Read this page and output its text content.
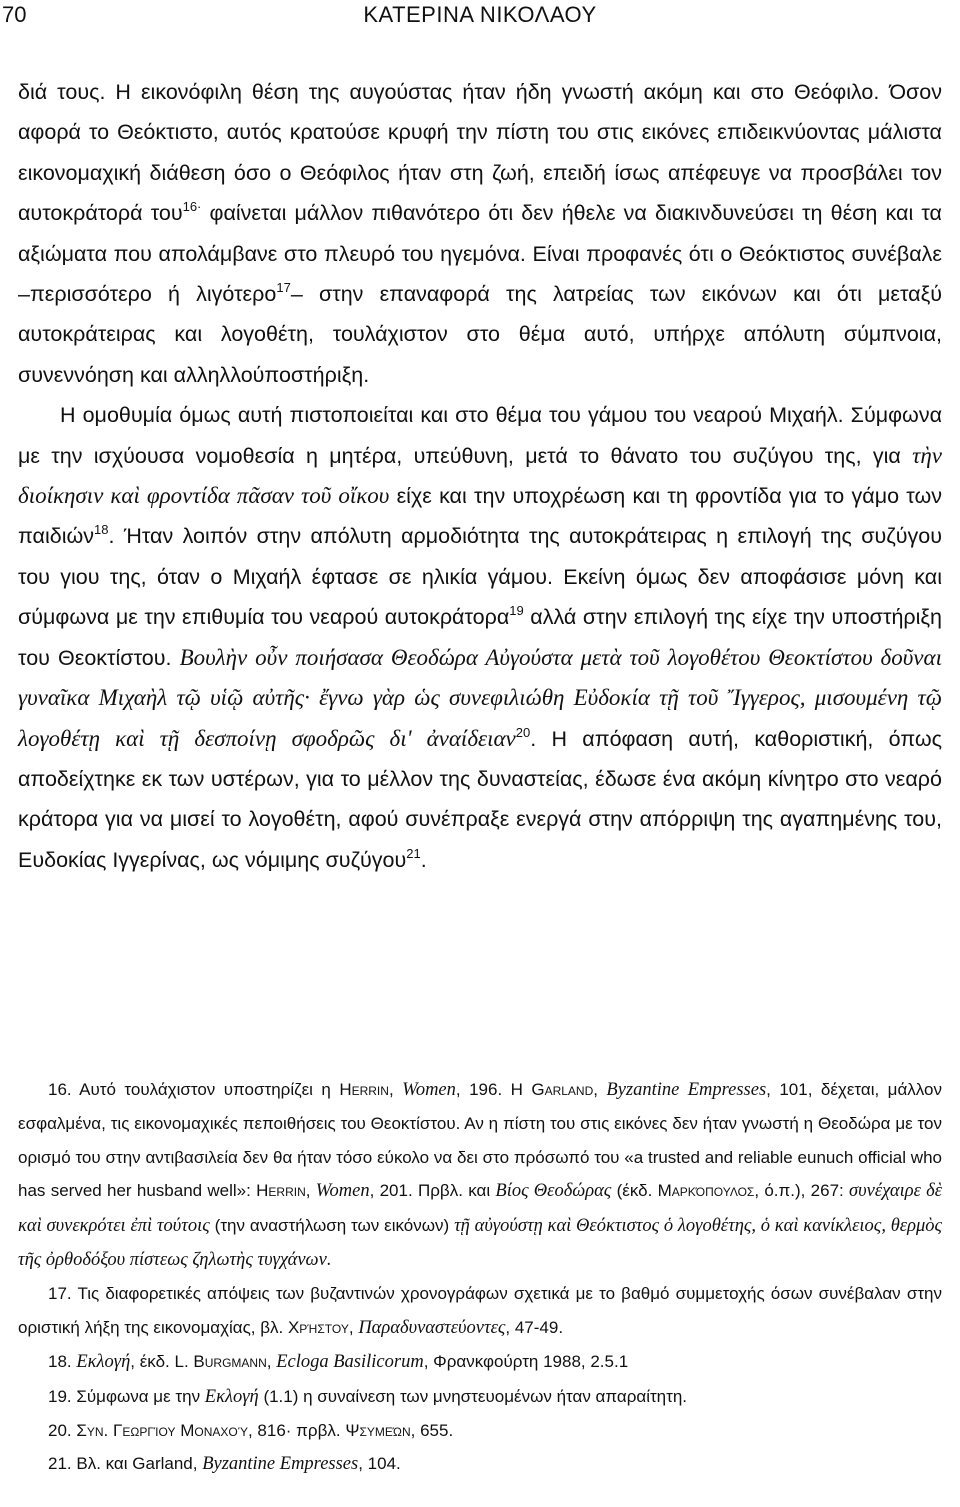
70	ΚΑΤΕΡΙΝΑ ΝΙΚΟΛΑΟΥ

διά τους. Η εικονόφιλη θέση της αυγούστας ήταν ήδη γνωστή ακόμη και στο Θεόφιλο. Όσον αφορά το Θεόκτιστο, αυτός κρατούσε κρυφή την πίστη του στις εικόνες επιδεικνύοντας μάλιστα εικονομαχική διάθεση όσο ο Θεόφιλος ήταν στη ζωή, επειδή ίσως απέφευγε να προσβάλει τον αυτοκράτορά του$^{16\cdot}$ φαίνεται μάλλον πιθανότερο ότι δεν ήθελε να διακινδυνεύσει τη θέση και τα αξιώματα που απολάμβανε στο πλευρό του ηγεμόνα. Είναι προφανές ότι ο Θεόκτιστος συνέβαλε –περισσότερο ή λιγότερο$^{17}$– στην επαναφορά της λατρείας των εικόνων και ότι μεταξύ αυτοκράτειρας και λογοθέτη, τουλάχιστον στο θέμα αυτό, υπήρχε απόλυτη σύμπνοια, συνεννόηση και αλληλλούποστήριξη.

Η ομοθυμία όμως αυτή πιστοποιείται και στο θέμα του γάμου του νεαρού Μιχαήλ. Σύμφωνα με την ισχύουσα νομοθεσία η μητέρα, υπεύθυνη, μετά το θάνατο του συζύγου της, για τὴν διοίκησιν καὶ φροντίδα πᾶσαν τοῦ οἴκου είχε και την υποχρέωση και τη φροντίδα για το γάμο των παιδιών$^{18}$. Ήταν λοιπόν στην απόλυτη αρμοδιότητα της αυτοκράτειρας η επιλογή της συζύγου του γιου της, όταν ο Μιχαήλ έφτασε σε ηλικία γάμου. Εκείνη όμως δεν αποφάσισε μόνη και σύμφωνα με την επιθυμία του νεαρού αυτοκράτορα$^{19}$ αλλά στην επιλογή της είχε την υποστήριξη του Θεοκτίστου. Βουλὴν οὖν ποιήσασα Θεοδώρα Αὐγούστα μετὰ τοῦ λογοθέτου Θεοκτίστου δοῦναι γυναῖκα Μιχαὴλ τῷ υἱῷ αὐτῆς· ἔγνω γὰρ ὡς συνεφιλιώθη Εὐδοκία τῇ τοῦ Ἴγγερος, μισουμένη τῷ λογοθέτῃ καὶ τῇ δεσποίνῃ σφοδρῶς δι' ἀναίδειαν$^{20}$. Η απόφαση αυτή, καθοριστική, όπως αποδείχτηκε εκ των υστέρων, για το μέλλον της δυναστείας, έδωσε ένα ακόμη κίνητρο στο νεαρό κράτορα για να μισεί το λογοθέτη, αφού συνέπραξε ενεργά στην απόρριψη της αγαπημένης του, Ευδοκίας Ιγγερίνας, ως νόμιμης συζύγου$^{21}$.

16. Αυτό τουλάχιστον υποστηρίζει η Herrin, Women, 196. Η Garland, Byzantine Empresses, 101, δέχεται, μάλλον εσφαλμένα, τις εικονομαχικές πεποιθήσεις του Θεοκτίστου. Αν η πίστη του στις εικόνες δεν ήταν γνωστή η Θεοδώρα με τον ορισμό του στην αντιβασιλεία δεν θα ήταν τόσο εύκολο να δει στο πρόσωπό του «a trusted and reliable eunuch official who has served her husband well»: Herrin, Women, 201. Πρβλ. και Βίος Θεοδώρας (έκδ. Μαρκόπουλος, ό.π.), 267: συνέχαιρε δὲ καὶ συνεκρότει ἐπὶ τούτοις (την αναστήλωση των εικόνων) τῇ αὐγούστῃ καὶ Θεόκτιστος ὁ λογοθέτης, ὁ καὶ κανίκλειος, θερμὸς τῆς ὀρθοδόξου πίστεως ζηλωτὴς τυγχάνων.

17. Τις διαφορετικές απόψεις των βυζαντινών χρονογράφων σχετικά με το βαθμό συμμετοχής όσων συνέβαλαν στην οριστική λήξη της εικονομαχίας, βλ. Χρήστου, Παραδυναστεύοντες, 47-49.

18. Εκλογή, έκδ. L. Burgmann, Ecloga Basilicorum, Φρανκφούρτη 1988, 2.5.1

19. Σύμφωνα με την Εκλογή (1.1) η συναίνεση των μνηστευομένων ήταν απαραίτητη.

20. Συν. Γεωργίου Μοναχού, 816· πρβλ. Ψσυμεών, 655.

21. Βλ. και Garland, Byzantine Empresses, 104.
